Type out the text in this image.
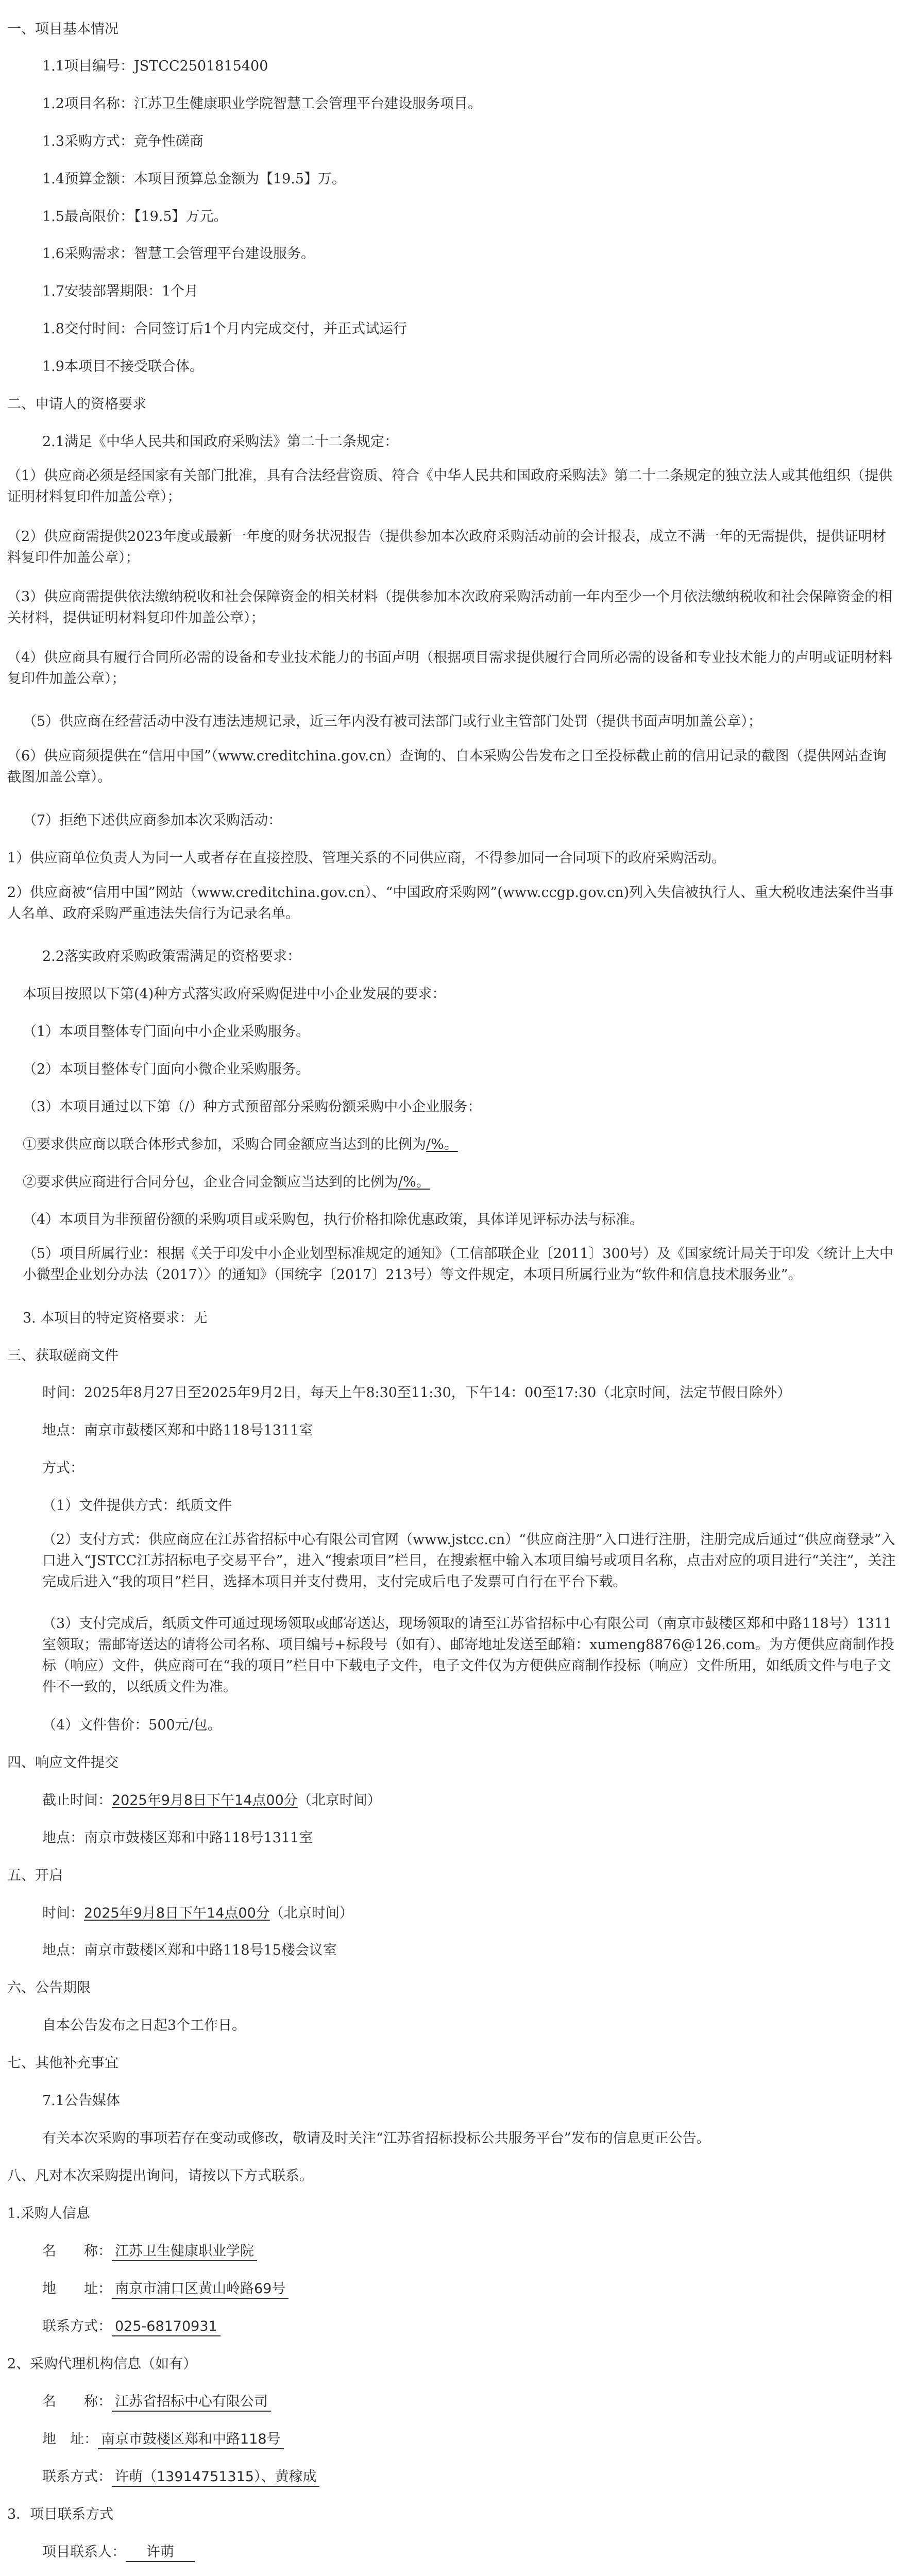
一、项目基本情况
1.1项目编号：JSTCC2501815400
1.2项目名称：江苏卫生健康职业学院智慧工会管理平台建设服务项目。
1.3采购方式：竞争性磋商
1.4预算金额：本项目预算总金额为【19.5】万。
1.5最高限价：【19.5】万元。
1.6采购需求：智慧工会管理平台建设服务。
1.7安装部署期限：1个月
1.8交付时间：合同签订后1个月内完成交付，并正式试运行
1.9本项目不接受联合体。
二、申请人的资格要求
2.1满足《中华人民共和国政府采购法》第二十二条规定：
（1）供应商必须是经国家有关部门批准，具有合法经营资质、符合《中华人民共和国政府采购法》第二十二条规定的独立法人或其他组织（提供证明材料复印件加盖公章）；
（2）供应商需提供2023年度或最新一年度的财务状况报告（提供参加本次政府采购活动前的会计报表，成立不满一年的无需提供，提供证明材料复印件加盖公章）；
（3）供应商需提供依法缴纳税收和社会保障资金的相关材料（提供参加本次政府采购活动前一年内至少一个月依法缴纳税收和社会保障资金的相关材料，提供证明材料复印件加盖公章）；
（4）供应商具有履行合同所必需的设备和专业技术能力的书面声明（根据项目需求提供履行合同所必需的设备和专业技术能力的声明或证明材料复印件加盖公章）；
（5）供应商在经营活动中没有违法违规记录，近三年内没有被司法部门或行业主管部门处罚（提供书面声明加盖公章）；
（6）供应商须提供在“信用中国”（www.creditchina.gov.cn）查询的、自本采购公告发布之日至投标截止前的信用记录的截图（提供网站查询截图加盖公章）。
（7）拒绝下述供应商参加本次采购活动：
1）供应商单位负责人为同一人或者存在直接控股、管理关系的不同供应商，不得参加同一合同项下的政府采购活动。
2）供应商被“信用中国”网站（www.creditchina.gov.cn）、“中国政府采购网”(www.ccgp.gov.cn)列入失信被执行人、重大税收违法案件当事人名单、政府采购严重违法失信行为记录名单。
2.2落实政府采购政策需满足的资格要求：
本项目按照以下第(4)种方式落实政府采购促进中小企业发展的要求：
（1）本项目整体专门面向中小企业采购服务。
（2）本项目整体专门面向小微企业采购服务。
（3）本项目通过以下第（/）种方式预留部分采购份额采购中小企业服务：
①要求供应商以联合体形式参加，采购合同金额应当达到的比例为/%。
②要求供应商进行合同分包，企业合同金额应当达到的比例为/%。
（4）本项目为非预留份额的采购项目或采购包，执行价格扣除优惠政策，具体详见评标办法与标准。
（5）项目所属行业：根据《关于印发中小企业划型标准规定的通知》（工信部联企业〔2011〕300号）及《国家统计局关于印发〈统计上大中小微型企业划分办法（2017）〉的通知》（国统字〔2017〕213号）等文件规定，本项目所属行业为“软件和信息技术服务业”。
3. 本项目的特定资格要求：无
三、获取磋商文件
时间：2025年8月27日至2025年9月2日，每天上午8:30至11:30，下午14：00至17:30（北京时间，法定节假日除外）
地点：南京市鼓楼区郑和中路118号1311室
方式：
（1）文件提供方式：纸质文件
（2）支付方式：供应商应在江苏省招标中心有限公司官网（www.jstcc.cn）“供应商注册”入口进行注册，注册完成后通过“供应商登录”入口进入“JSTCC江苏招标电子交易平台”，进入“搜索项目”栏目，在搜索框中输入本项目编号或项目名称，点击对应的项目进行“关注”，关注完成后进入“我的项目”栏目，选择本项目并支付费用，支付完成后电子发票可自行在平台下载。
（3）支付完成后，纸质文件可通过现场领取或邮寄送达，现场领取的请至江苏省招标中心有限公司（南京市鼓楼区郑和中路118号）1311室领取；需邮寄送达的请将公司名称、项目编号+标段号（如有）、邮寄地址发送至邮箱：xumeng8876@126.com。为方便供应商制作投标（响应）文件，供应商可在“我的项目”栏目中下载电子文件，电子文件仅为方便供应商制作投标（响应）文件所用，如纸质文件与电子文件不一致的，以纸质文件为准。
（4）文件售价：500元/包。
四、响应文件提交
截止时间：2025年9月8日下午14点00分（北京时间）
地点：南京市鼓楼区郑和中路118号1311室
五、开启
时间：2025年9月8日下午14点00分（北京时间）
地点：南京市鼓楼区郑和中路118号15楼会议室
六、公告期限
自本公告发布之日起3个工作日。
七、其他补充事宜
7.1公告媒体
有关本次采购的事项若存在变动或修改，敬请及时关注“江苏省招标投标公共服务平台”发布的信息更正公告。
八、凡对本次采购提出询问，请按以下方式联系。
1.采购人信息
名　　称： 江苏卫生健康职业学院
地　　址： 南京市浦口区黄山岭路69号
联系方式： 025-68170931
2、采购代理机构信息（如有）
名　　称： 江苏省招标中心有限公司
地　址： 南京市鼓楼区郑和中路118号
联系方式： 许萌（13914751315）、黄稼成
3．项目联系方式
项目联系人： 许萌
